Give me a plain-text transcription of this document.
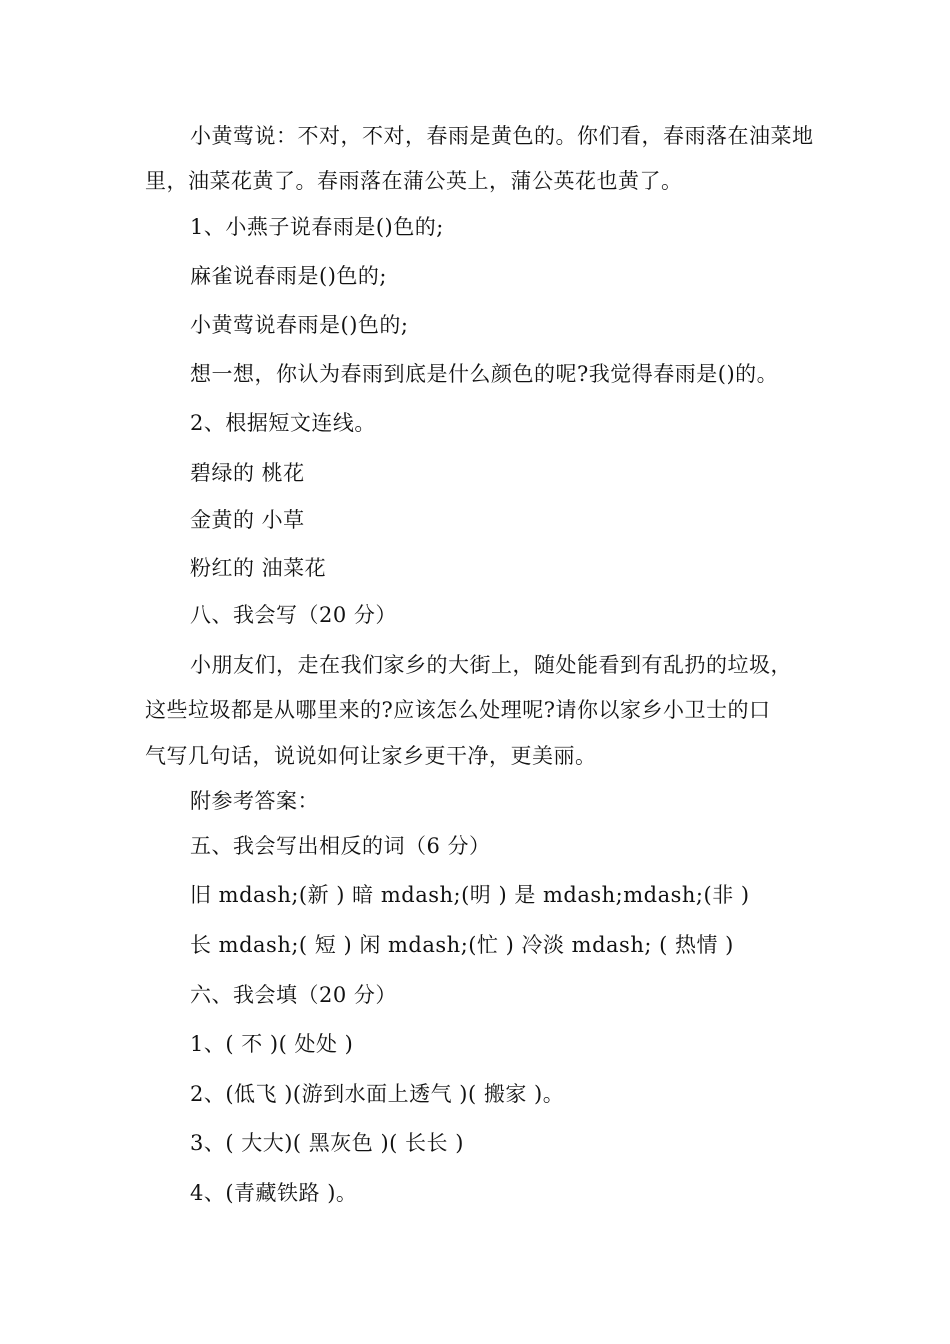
小黄莺说：不对，不对，春雨是黄色的。你们看，春雨落在油菜地
里，油菜花黄了。春雨落在蒲公英上，蒲公英花也黄了。
1、小燕子说春雨是()色的;
麻雀说春雨是()色的;
小黄莺说春雨是()色的;
想一想，你认为春雨到底是什么颜色的呢?我觉得春雨是()的。
2、根据短文连线。
碧绿的 桃花
金黄的 小草
粉红的 油菜花
八、我会写（20 分）
小朋友们，走在我们家乡的大街上，随处能看到有乱扔的垃圾，
这些垃圾都是从哪里来的?应该怎么处理呢?请你以家乡小卫士的口
气写几句话，说说如何让家乡更干净，更美丽。
附参考答案：
五、我会写出相反的词（6 分）
旧 mdash;(新 ) 暗 mdash;(明 ) 是 mdash;mdash;(非 )
长 mdash;( 短 ) 闲 mdash;(忙 ) 冷淡 mdash; ( 热情 )
六、我会填（20 分）
1、( 不 )( 处处 )
2、(低飞 )(游到水面上透气 )( 搬家 )。
3、( 大大)( 黑灰色 )( 长长 )
4、(青藏铁路 )。
